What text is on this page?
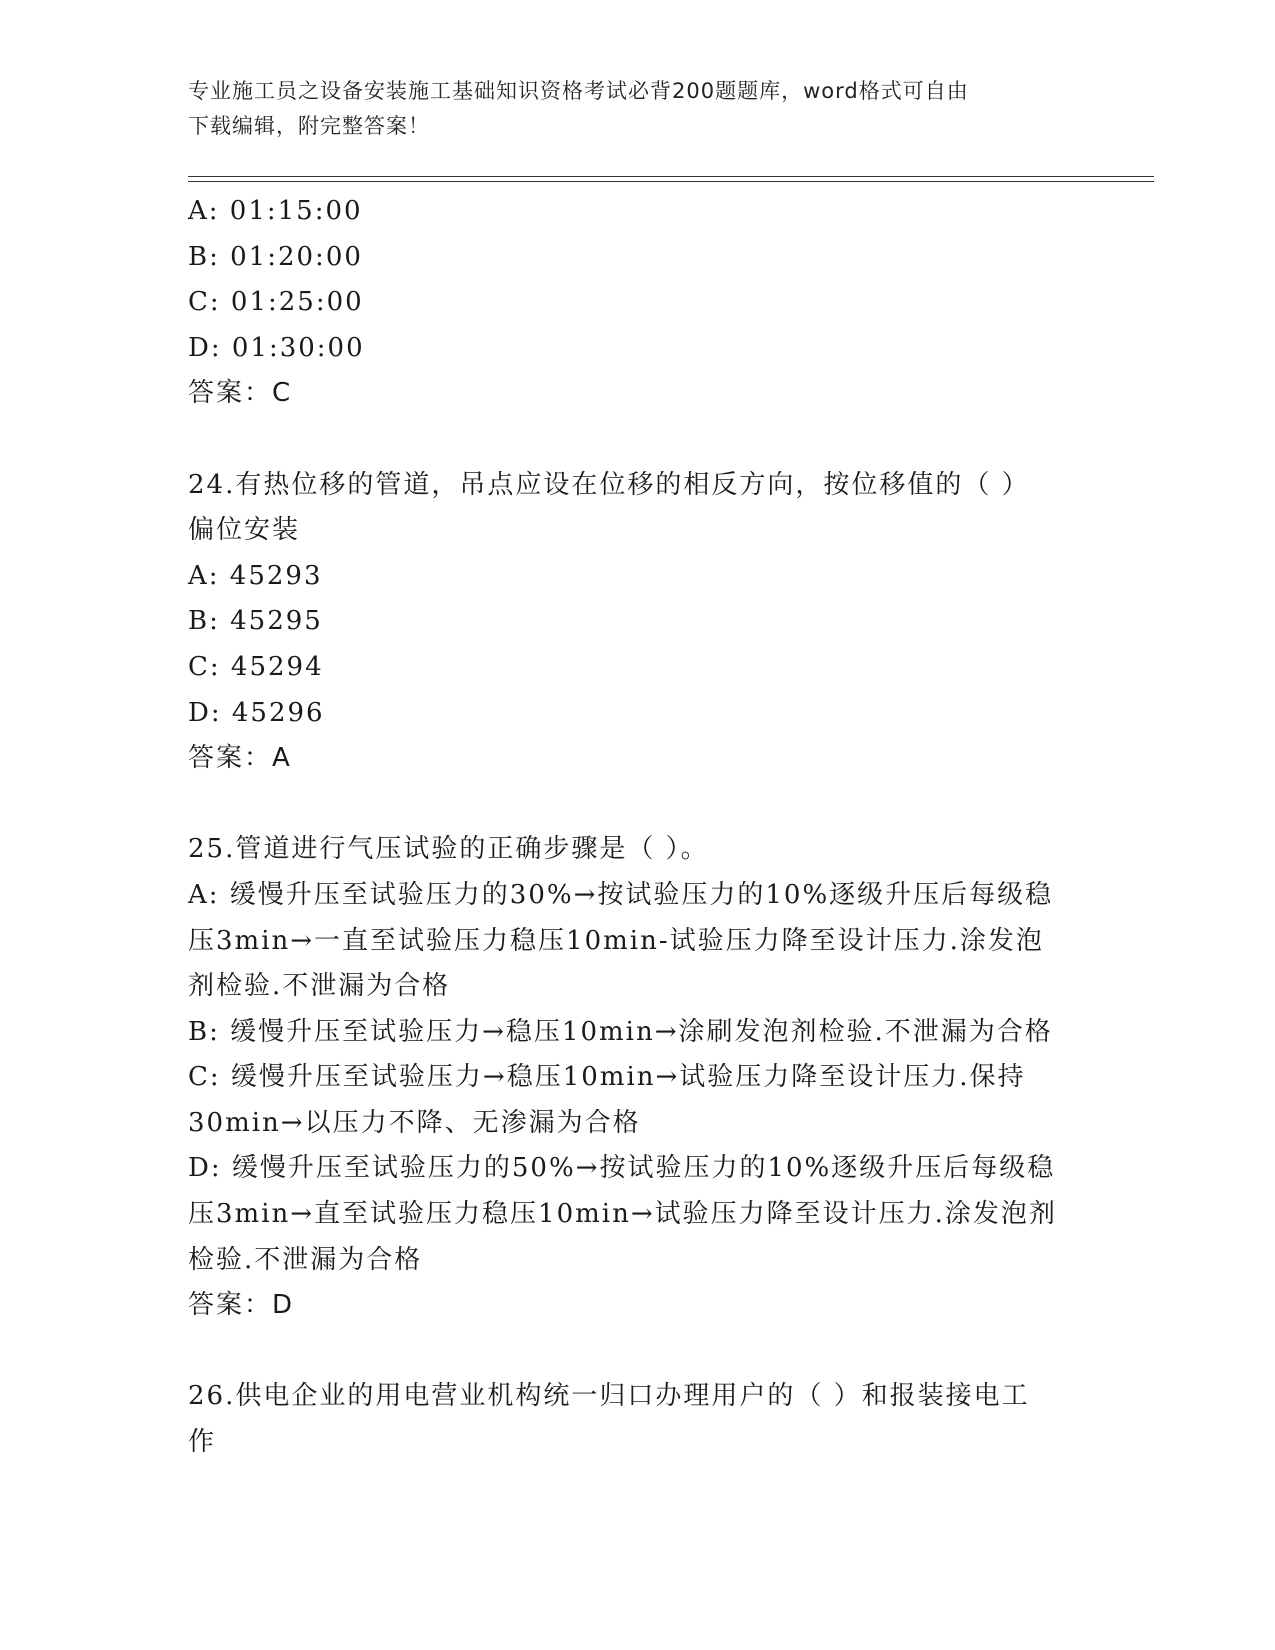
专业施工员之设备安装施工基础知识资格考试必背200题题库，word格式可自由
下载编辑，附完整答案！
A: 01:15:00
B: 01:20:00
C: 01:25:00
D: 01:30:00
答案：C
24.有热位移的管道，吊点应设在位移的相反方向，按位移值的（ ）
偏位安装
A: 45293
B: 45295
C: 45294
D: 45296
答案：A
25.管道进行气压试验的正确步骤是（ ）。
A: 缓慢升压至试验压力的30%→按试验压力的10%逐级升压后每级稳
压3min→一直至试验压力稳压10min-试验压力降至设计压力.涂发泡
剂检验.不泄漏为合格
B: 缓慢升压至试验压力→稳压10min→涂刷发泡剂检验.不泄漏为合格
C: 缓慢升压至试验压力→稳压10min→试验压力降至设计压力.保持
30min→以压力不降、无渗漏为合格
D: 缓慢升压至试验压力的50%→按试验压力的10%逐级升压后每级稳
压3min→直至试验压力稳压10min→试验压力降至设计压力.涂发泡剂
检验.不泄漏为合格
答案：D
26.供电企业的用电营业机构统一归口办理用户的（ ）和报装接电工
作
